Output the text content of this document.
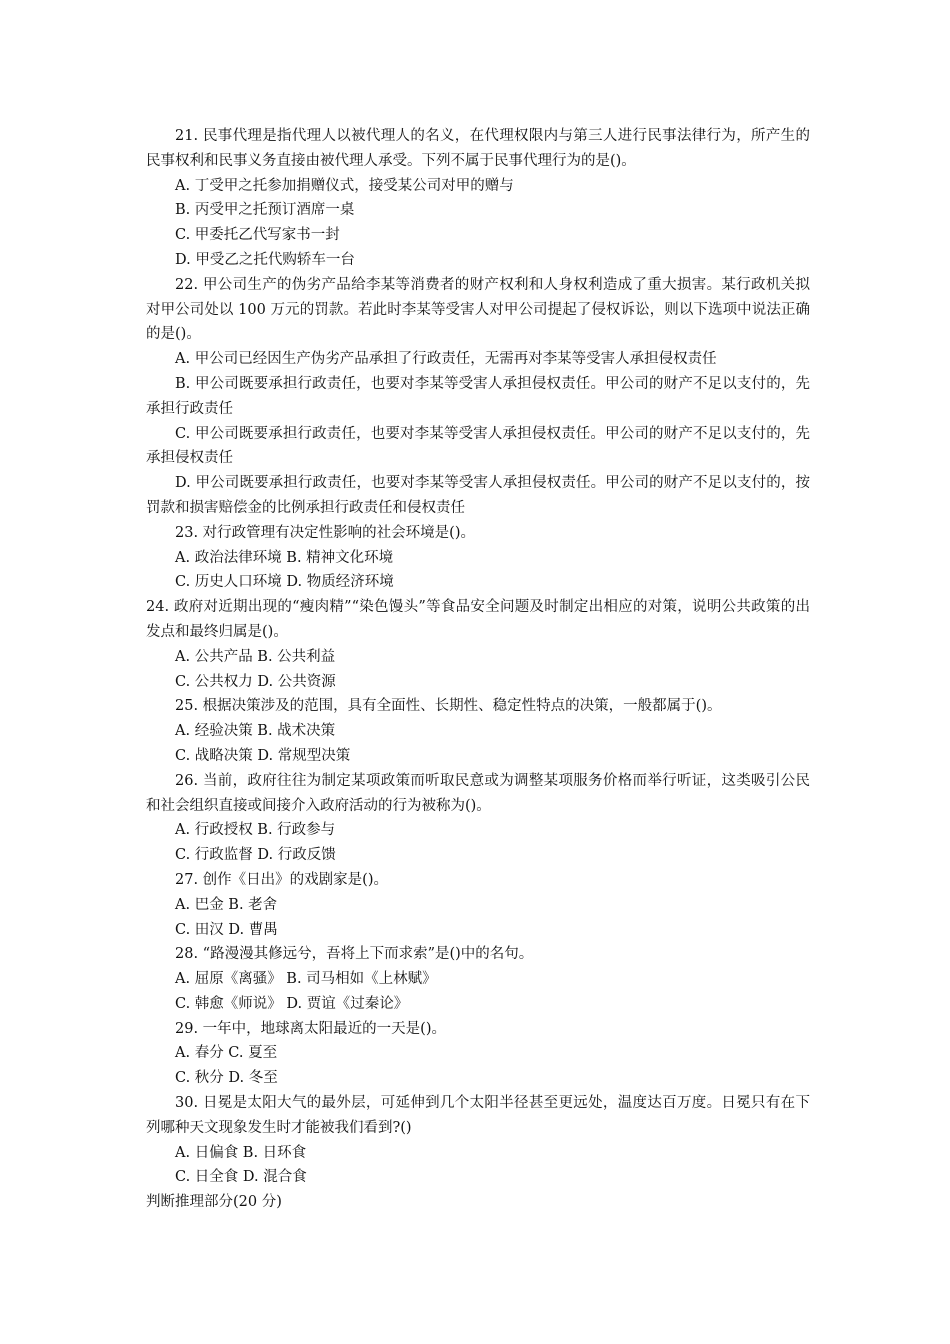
21. 民事代理是指代理人以被代理人的名义，在代理权限内与第三人进行民事法律行为，所产生的民事权利和民事义务直接由被代理人承受。下列不属于民事代理行为的是()。

A. 丁受甲之托参加捐赠仪式，接受某公司对甲的赠与

B. 丙受甲之托预订酒席一桌

C. 甲委托乙代写家书一封

D. 甲受乙之托代购轿车一台

22. 甲公司生产的伪劣产品给李某等消费者的财产权利和人身权利造成了重大损害。某行政机关拟对甲公司处以 100 万元的罚款。若此时李某等受害人对甲公司提起了侵权诉讼，则以下选项中说法正确的是()。

A. 甲公司已经因生产伪劣产品承担了行政责任，无需再对李某等受害人承担侵权责任

B. 甲公司既要承担行政责任，也要对李某等受害人承担侵权责任。甲公司的财产不足以支付的，先承担行政责任

C. 甲公司既要承担行政责任，也要对李某等受害人承担侵权责任。甲公司的财产不足以支付的，先承担侵权责任

D. 甲公司既要承担行政责任，也要对李某等受害人承担侵权责任。甲公司的财产不足以支付的，按罚款和损害赔偿金的比例承担行政责任和侵权责任

23. 对行政管理有决定性影响的社会环境是()。

A. 政治法律环境 B. 精神文化环境

C. 历史人口环境 D. 物质经济环境

24. 政府对近期出现的“瘦肉精”“染色馒头”等食品安全问题及时制定出相应的对策，说明公共政策的出发点和最终归属是()。

A. 公共产品 B. 公共利益

C. 公共权力 D. 公共资源

25. 根据决策涉及的范围，具有全面性、长期性、稳定性特点的决策，一般都属于()。

A. 经验决策 B. 战术决策

C. 战略决策 D. 常规型决策

26. 当前，政府往往为制定某项政策而听取民意或为调整某项服务价格而举行听证，这类吸引公民和社会组织直接或间接介入政府活动的行为被称为()。

A. 行政授权 B. 行政参与

C. 行政监督 D. 行政反馈

27. 创作《日出》的戏剧家是()。

A. 巴金 B. 老舍

C. 田汉 D. 曹禺

28. “路漫漫其修远兮，吾将上下而求索”是()中的名句。

A. 屈原《离骚》 B. 司马相如《上林赋》

C. 韩愈《师说》 D. 贾谊《过秦论》

29. 一年中，地球离太阳最近的一天是()。

A. 春分 C. 夏至

C. 秋分 D. 冬至

30. 日冕是太阳大气的最外层，可延伸到几个太阳半径甚至更远处，温度达百万度。日冕只有在下列哪种天文现象发生时才能被我们看到?()

A. 日偏食 B. 日环食

C. 日全食 D. 混合食

判断推理部分(20 分)
